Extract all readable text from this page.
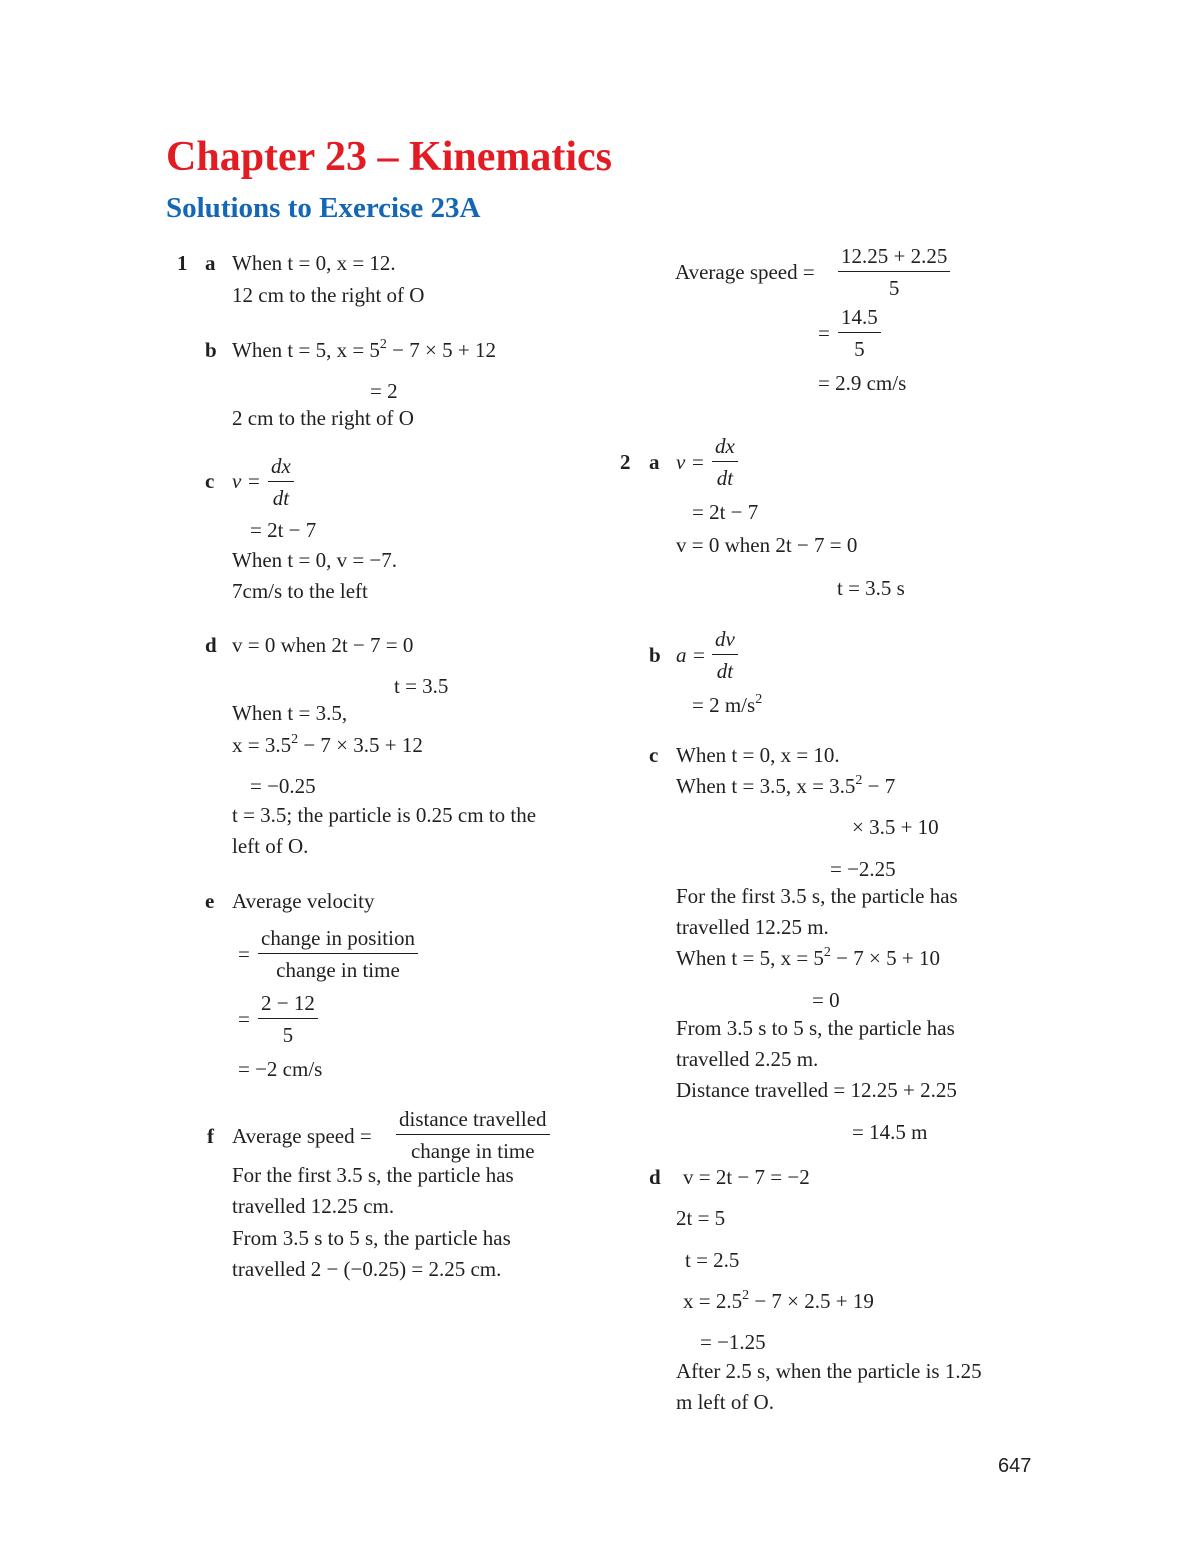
Chapter 23 – Kinematics
Solutions to Exercise 23A
1 a When t = 0, x = 12.
12 cm to the right of O
b When t = 5, $x = 5^2 - 7 \times 5 + 12$
= 2
2 cm to the right of O
c $v = \frac{dx}{dt}$
= 2t − 7
When t = 0, v = −7.
7cm/s to the left
d v = 0 when 2t − 7 = 0
t = 3.5
When t = 3.5,
$x = 3.5^2 - 7 \times 3.5 + 12$
= −0.25
t = 3.5; the particle is 0.25 cm to the
left of O.
e Average velocity
=
change in position
change in time
= $\frac{2 - 12}{5}$
= −2 cm/s
f Average speed =
distance travelled
change in time
For the first 3.5 s, the particle has
travelled 12.25 cm.
From 3.5 s to 5 s, the particle has
travelled 2 − (−0.25) = 2.25 cm.
Average speed = $\frac{12.25 + 2.25}{5}$
= $\frac{14.5}{5}$
= 2.9 cm/s
2 a $v = \frac{dx}{dt}$
= 2t − 7
v = 0 when 2t − 7 = 0
t = 3.5 s
b $a = \frac{dv}{dt}$
= 2 $m/s^2$
c When t = 0, x = 10.
When t = 3.5, $x = 3.5^2 - 7$
× 3.5 + 10
= −2.25
For the first 3.5 s, the particle has
travelled 12.25 m.
When t = 5, $x = 5^2 - 7 \times 5 + 10$
= 0
From 3.5 s to 5 s, the particle has
travelled 2.25 m.
Distance travelled = 12.25 + 2.25
= 14.5 m
d v = 2t − 7 = −2
2t = 5
t = 2.5
$x = 2.5^2 - 7 \times 2.5 + 19$
= −1.25
After 2.5 s, when the particle is 1.25
m left of O.
647
